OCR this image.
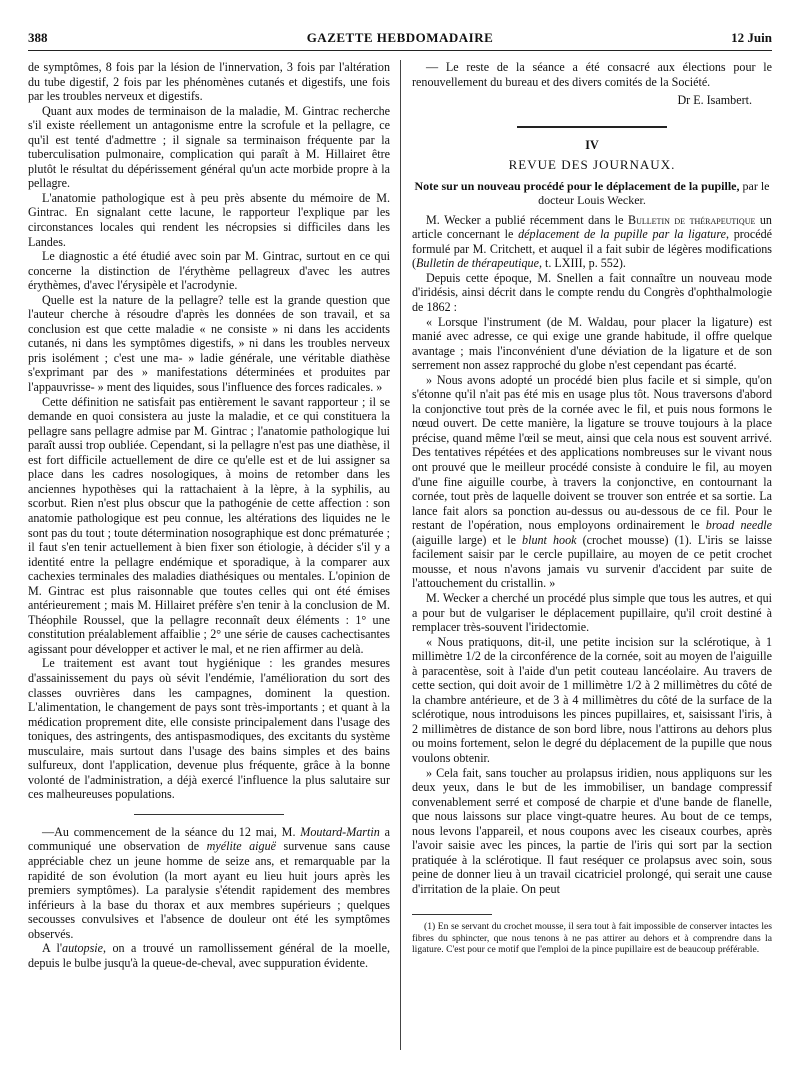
388	GAZETTE HEBDOMADAIRE	12 Juin

de symptômes, 8 fois par la lésion de l'innervation, 3 fois par l'altération du tube digestif, 2 fois par les phénomènes cutanés et digestifs, une fois par les troubles nerveux et digestifs.

Quant aux modes de terminaison de la maladie, M. Gintrac recherche s'il existe réellement un antagonisme entre la scrofule et la pellagre, ce qu'il est tenté d'admettre ; il signale sa terminaison fréquente par la tuberculisation pulmonaire, complication qui paraît à M. Hillairet être plutôt le résultat du dépérissement général qu'un acte morbide propre à la pellagre.

L'anatomie pathologique est à peu près absente du mémoire de M. Gintrac. En signalant cette lacune, le rapporteur l'explique par les circonstances locales qui rendent les nécropsies si difficiles dans les Landes.

Le diagnostic a été étudié avec soin par M. Gintrac, surtout en ce qui concerne la distinction de l'érythème pellagreux d'avec les autres érythèmes, d'avec l'érysipèle et l'acrodynie.

Quelle est la nature de la pellagre? telle est la grande question que l'auteur cherche à résoudre d'après les données de son travail, et sa conclusion est que cette maladie « ne consiste » ni dans les accidents cutanés, ni dans les symptômes digestifs, » ni dans les troubles nerveux pris isolément ; c'est une ma- » ladie générale, une véritable diathèse s'exprimant par des » manifestations déterminées et produites par l'appauvrisse- » ment des liquides, sous l'influence des forces radicales. »

Cette définition ne satisfait pas entièrement le savant rapporteur ; il se demande en quoi consistera au juste la maladie, et ce qui constituera la pellagre sans pellagre admise par M. Gintrac ; l'anatomie pathologique lui paraît aussi trop oubliée. Cependant, si la pellagre n'est pas une diathèse, il est fort difficile actuellement de dire ce qu'elle est et de lui assigner sa place dans les cadres nosologiques, à moins de retomber dans les anciennes hypothèses qui la rattachaient à la lèpre, à la syphilis, au scorbut. Rien n'est plus obscur que la pathogénie de cette affection : son anatomie pathologique est peu connue, les altérations des liquides ne le sont pas du tout ; toute détermination nosographique est donc prématurée ; il faut s'en tenir actuellement à bien fixer son étiologie, à décider s'il y a identité entre la pellagre endémique et sporadique, à la comparer aux cachexies terminales des maladies diathésiques ou mentales. L'opinion de M. Gintrac est plus raisonnable que toutes celles qui ont été émises antérieurement ; mais M. Hillairet préfère s'en tenir à la conclusion de M. Théophile Roussel, que la pellagre reconnaît deux éléments : 1° une constitution préalablement affaiblie ; 2° une série de causes cachectisantes agissant pour développer et activer le mal, et ne rien affirmer au delà.

Le traitement est avant tout hygiénique : les grandes mesures d'assainissement du pays où sévit l'endémie, l'amélioration du sort des classes ouvrières dans les campagnes, dominent la question. L'alimentation, le changement de pays sont très-importants ; et quant à la médication proprement dite, elle consiste principalement dans l'usage des toniques, des astringents, des antispasmodiques, des excitants du système musculaire, mais surtout dans l'usage des bains simples et des bains sulfureux, dont l'application, devenue plus fréquente, grâce à la bonne volonté de l'administration, a déjà exercé l'influence la plus salutaire sur ces malheureuses populations.

—Au commencement de la séance du 12 mai, M. Moutard-Martin a communiqué une observation de myélite aiguë survenue sans cause appréciable chez un jeune homme de seize ans, et remarquable par la rapidité de son évolution (la mort ayant eu lieu huit jours après les premiers symptômes). La paralysie s'étendit rapidement des membres inférieurs à la base du thorax et aux membres supérieurs ; quelques secousses convulsives et l'absence de douleur ont été les symptômes observés.

A l'autopsie, on a trouvé un ramollissement général de la moelle, depuis le bulbe jusqu'à la queue-de-cheval, avec suppuration évidente.

— Le reste de la séance a été consacré aux élections pour le renouvellement du bureau et des divers comités de la Société.

Dr E. Isambert.
IV
REVUE DES JOURNAUX.
Note sur un nouveau procédé pour le déplacement de la pupille, par le docteur Louis Wecker.

M. Wecker a publié récemment dans le Bulletin de thérapeutique un article concernant le déplacement de la pupille par la ligature, procédé formulé par M. Critchett, et auquel il a fait subir de légères modifications (Bulletin de thérapeutique, t. LXIII, p. 552).

Depuis cette époque, M. Snellen a fait connaître un nouveau mode d'iridésis, ainsi décrit dans le compte rendu du Congrès d'ophthalmologie de 1862 :

« Lorsque l'instrument (de M. Waldau, pour placer la ligature) est manié avec adresse, ce qui exige une grande habitude, il offre quelque avantage ; mais l'inconvénient d'une déviation de la ligature et de son serrement non assez rapproché du globe n'est cependant pas écarté.

» Nous avons adopté un procédé bien plus facile et si simple, qu'on s'étonne qu'il n'ait pas été mis en usage plus tôt. Nous traversons d'abord la conjonctive tout près de la cornée avec le fil, et puis nous formons le nœud ouvert. De cette manière, la ligature se trouve toujours à la place précise, quand même l'œil se meut, ainsi que cela nous est souvent arrivé. Des tentatives répétées et des applications nombreuses sur le vivant nous ont prouvé que le meilleur procédé consiste à conduire le fil, au moyen d'une fine aiguille courbe, à travers la conjonctive, en contournant la cornée, tout près de laquelle doivent se trouver son entrée et sa sortie. La lance fait alors sa ponction au-dessus ou au-dessous de ce fil. Pour le restant de l'opération, nous employons ordinairement le broad needle (aiguille large) et le blunt hook (crochet mousse) (1). L'iris se laisse facilement saisir par le cercle pupillaire, au moyen de ce petit crochet mousse, et nous n'avons jamais vu survenir d'accident par suite de l'attouchement du cristallin. »

M. Wecker a cherché un procédé plus simple que tous les autres, et qui a pour but de vulgariser le déplacement pupillaire, qu'il croit destiné à remplacer très-souvent l'iridectomie.

« Nous pratiquons, dit-il, une petite incision sur la sclérotique, à 1 millimètre 1/2 de la circonférence de la cornée, soit au moyen de l'aiguille à paracentèse, soit à l'aide d'un petit couteau lancéolaire. Au travers de cette section, qui doit avoir de 1 millimètre 1/2 à 2 millimètres du côté de la chambre antérieure, et de 3 à 4 millimètres du côté de la surface de la sclérotique, nous introduisons les pinces pupillaires, et, saisissant l'iris, à 2 millimètres de distance de son bord libre, nous l'attirons au dehors plus ou moins fortement, selon le degré du déplacement de la pupille que nous voulons obtenir.

» Cela fait, sans toucher au prolapsus iridien, nous appliquons sur les deux yeux, dans le but de les immobiliser, un bandage compressif convenablement serré et composé de charpie et d'une bande de flanelle, que nous laissons sur place vingt-quatre heures. Au bout de ce temps, nous levons l'appareil, et nous coupons avec les ciseaux courbes, après l'avoir saisie avec les pinces, la partie de l'iris qui sort par la section pratiquée à la sclérotique. Il faut reséquer ce prolapsus avec soin, sous peine de donner lieu à un travail cicatriciel prolongé, qui serait une cause d'irritation de la plaie. On peut

(1) En se servant du crochet mousse, il sera tout à fait impossible de conserver intactes les fibres du sphincter, que nous tenons à ne pas attirer au dehors et à comprendre dans la ligature. C'est pour ce motif que l'emploi de la pince pupillaire est de beaucoup préférable.
